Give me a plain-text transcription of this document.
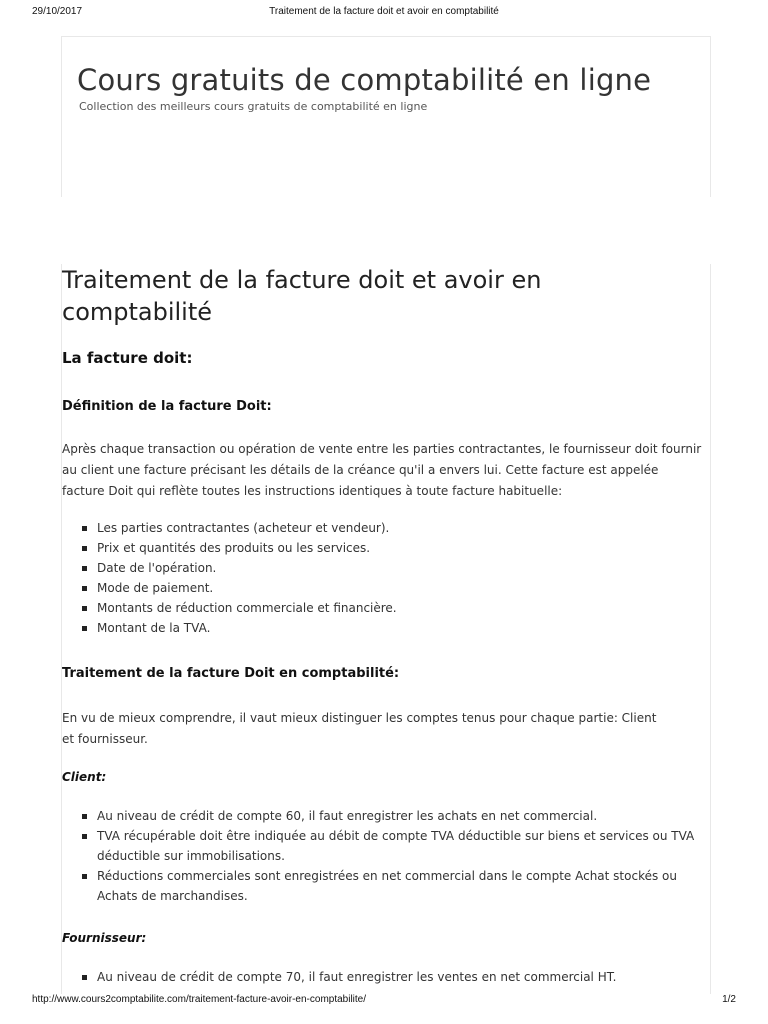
29/10/2017	Traitement de la facture doit et avoir en comptabilité
Cours gratuits de comptabilité en ligne
Collection des meilleurs cours gratuits de comptabilité en ligne
Traitement de la facture doit et avoir en comptabilité
La facture doit:
Définition de la facture Doit:

Après chaque transaction ou opération de vente entre les parties contractantes, le fournisseur doit fournir au client une facture précisant les détails de la créance qu'il a envers lui. Cette facture est appelée facture Doit qui reflète toutes les instructions identiques à toute facture habituelle:

Les parties contractantes (acheteur et vendeur).
Prix et quantités des produits ou les services.
Date de l'opération.
Mode de paiement.
Montants de réduction commerciale et financière.
Montant de la TVA.
Traitement de la facture Doit en comptabilité:

En vu de mieux comprendre, il vaut mieux distinguer les comptes tenus pour chaque partie: Client et fournisseur.

Client:
Au niveau de crédit de compte 60, il faut enregistrer les achats en net commercial.
TVA récupérable doit être indiquée au débit de compte TVA déductible sur biens et services ou TVA déductible sur immobilisations.
Réductions commerciales sont enregistrées en net commercial dans le compte Achat stockés ou Achats de marchandises.
Fournisseur:
Au niveau de crédit de compte 70, il faut enregistrer les ventes en net commercial HT.
http://www.cours2comptabilite.com/traitement-facture-avoir-en-comptabilite/	1/2
